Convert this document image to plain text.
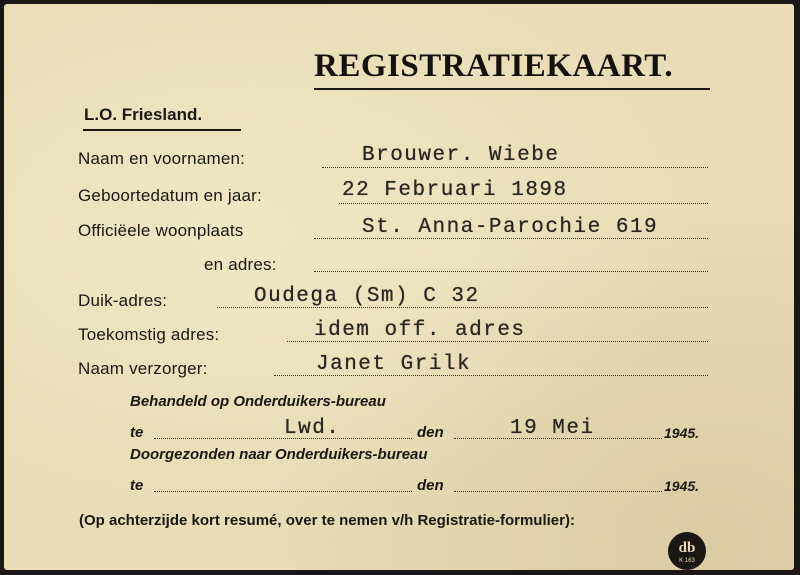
REGISTRATIEKAART.
L.O. Friesland.
Naam en voornamen:	Brouwer. Wiebe
Geboortedatum en jaar:	22 Februari 1898
Officiëele woonplaats	St. Anna-Parochie 619
en adres:
Duik-adres:	Oudega (Sm) C 32
Toekomstig adres:	idem off. adres
Naam verzorger:	Janet Grilk
Behandeld op Onderduikers-bureau
te	Lwd.	den	19 Mei	1945.
Doorgezonden naar Onderduikers-bureau
te	den	1945.
(Op achterzijde kort resumé, over te nemen v/h Registratie-formulier):
db
K 163
